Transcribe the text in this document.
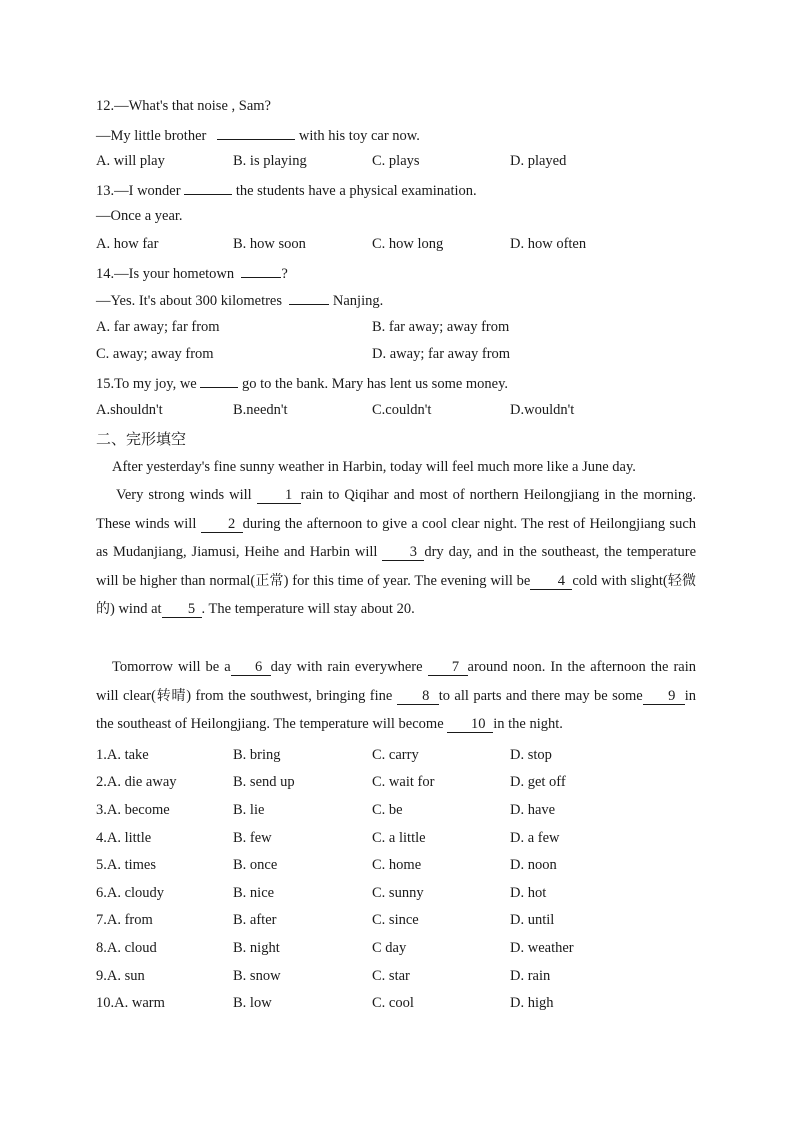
12.—What's that noise , Sam?
—My little brother	with his toy car now.
A. will play	B. is playing	C. plays	D. played
13.—I wonder	the students have a physical examination.
—Once a year.
A. how far	B. how soon	C. how long	D. how often
14.—Is your hometown	?
—Yes. It's about 300 kilometres	Nanjing.
A. far away; far from	B. far away; away from
C. away; away from	D. away; far away from
15.To my joy, we	go to the bank. Mary has lent us some money.
A.shouldn't	B.needn't	C.couldn't	D.wouldn't
二、完形填空
After yesterday's fine sunny weather in Harbin, today will feel much more like a June day.
Very strong winds will 1 rain to Qiqihar and most of northern Heilongjiang in the morning. These winds will 2 during the afternoon to give a cool clear night. The rest of Heilongjiang such as Mudanjiang, Jiamusi, Heihe and Harbin will 3 dry day, and in the southeast, the temperature will be higher than normal(正常) for this time of year. The evening will be 4 cold with slight(轻微的) wind at 5 . The temperature will stay about 20.
Tomorrow will be a 6 day with rain everywhere 7 around noon. In the afternoon the rain will clear(转晴) from the southwest, bringing fine 8 to all parts and there may be some 9 in the southeast of Heilongjiang. The temperature will become 10 in the night.
1.A. take	B. bring	C. carry	D. stop
2.A. die away	B. send up	C. wait for	D. get off
3.A. become	B. lie	C. be	D. have
4.A. little	B. few	C. a little	D. a few
5.A. times	B. once	C. home	D. noon
6.A. cloudy	B. nice	C. sunny	D. hot
7.A. from	B. after	C. since	D. until
8.A. cloud	B. night	C day	D. weather
9.A. sun	B. snow	C. star	D. rain
10.A. warm	B. low	C. cool	D. high
